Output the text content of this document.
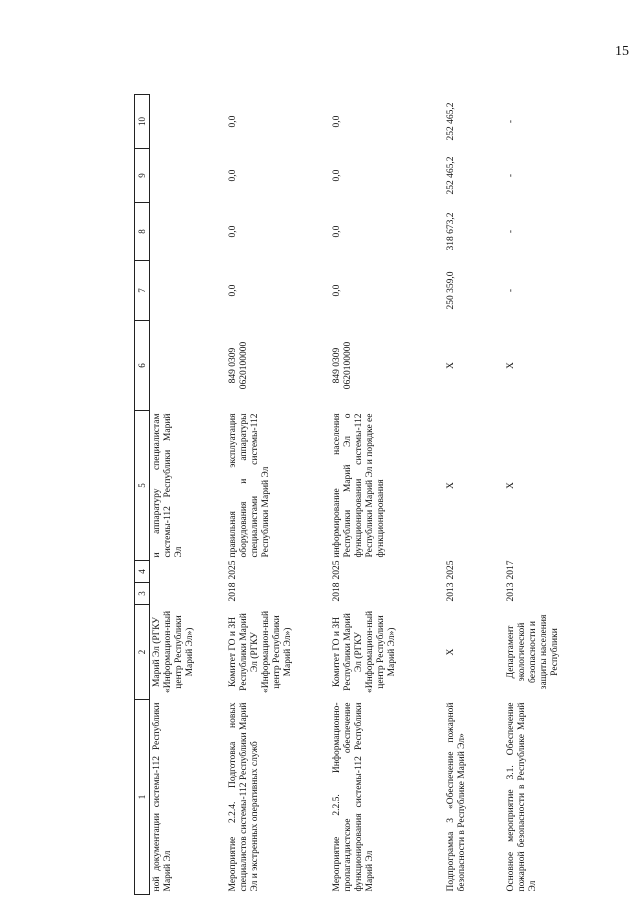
15
1	2	3	4	5	6	7	8	9	10
ной документации системы-112 Республики Марий Эл	Марий Эл (РГКУ «Информацион-ный центр Республики Марий Эл»)			и аппаратуру специалистам системы-112 Республики Марий Эл					
Мероприятие 2.2.4. Подготовка новых специалистов системы-112 Республики Марий Эл и экстренных оперативных служб	Комитет ГО и ЗН Республики Марий Эл (РГКУ «Информацион-ный центр Республики Марий Эл»)	2018	2025	правильная эксплуатация оборудования и аппаратуры специалистами системы-112 Республики Марий Эл	849 0309 0620100000	0,0	0,0	0,0	0,0
Мероприятие 2.2.5. Информационно-пропагандистское обеспечение функционирования системы-112 Республики Марий Эл	Комитет ГО и ЗН Республики Марий Эл (РГКУ «Информацион-ный центр Республики Марий Эл»)	2018	2025	информирование населения Республики Марий Эл о функционировании системы-112 Республики Марий Эл и порядке ее функционирования	849 0309 0620100000	0,0	0,0	0,0	0,0
Подпрограмма 3 «Обеспечение пожарной безопасности в Республике Марий Эл»	Х	2013	2025	Х	Х	250 359,0	318 673,2	252 465,2	252 465,2
Основное мероприятие 3.1. Обеспечение пожарной безопасности в Республике Марий Эл	Департамент экологической безопасности и защиты населения Республики	2013	2017	Х	Х	-	-	-	-
